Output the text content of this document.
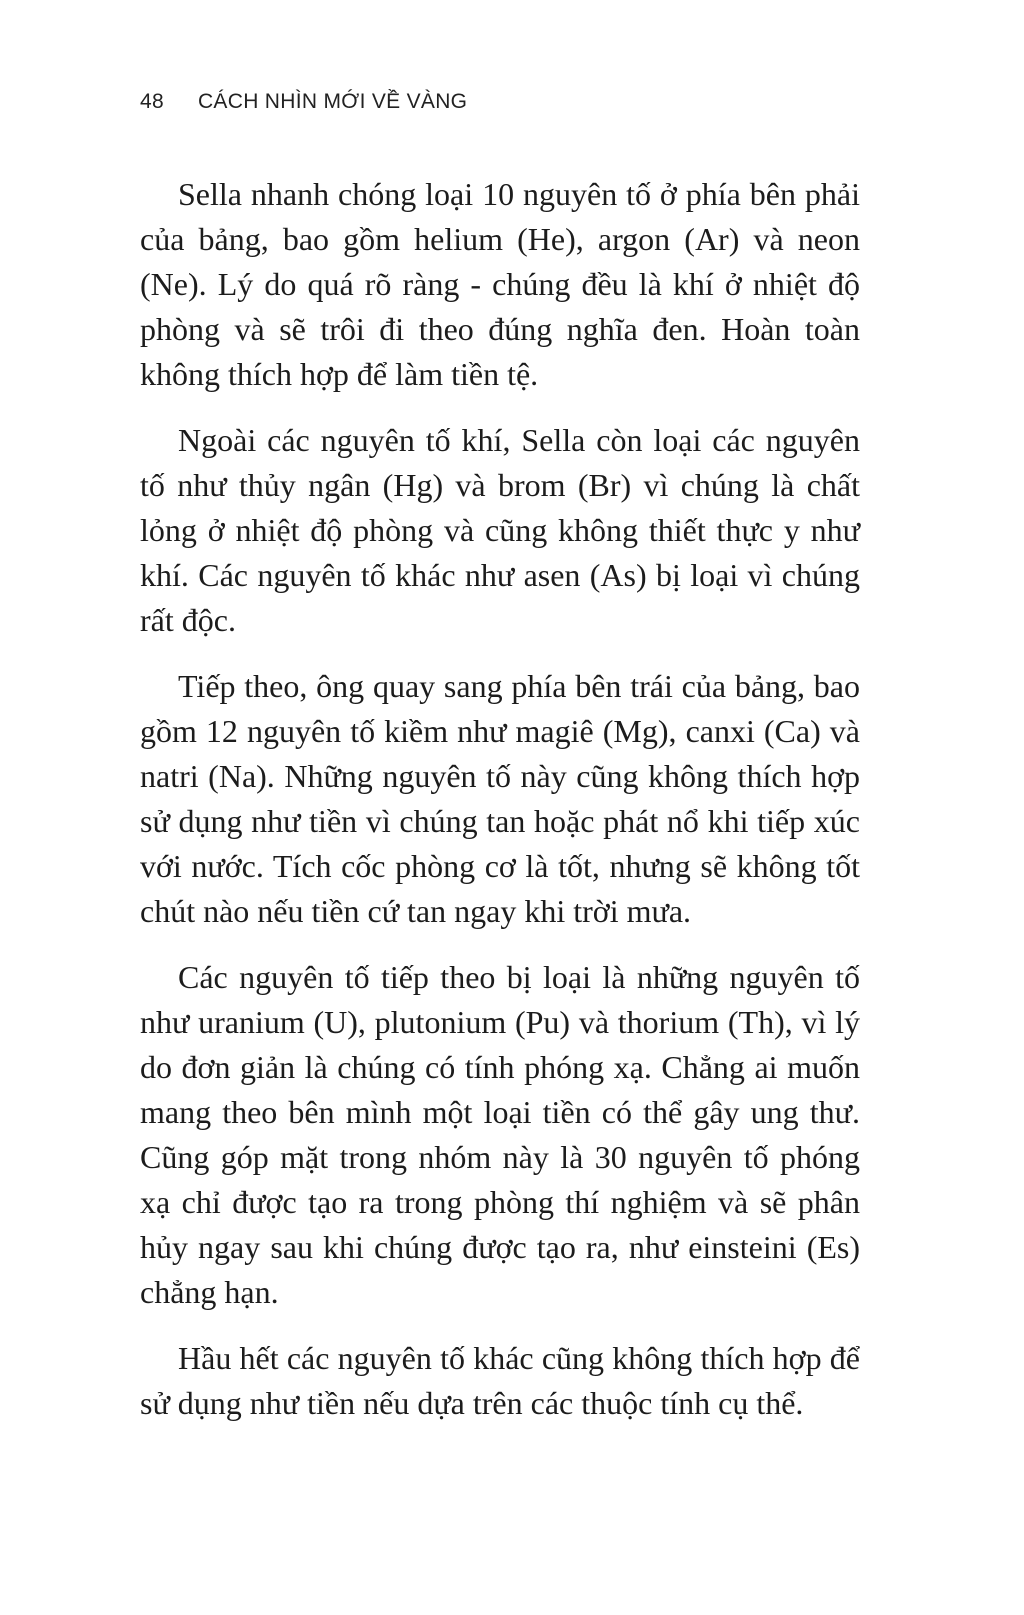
48 CÁCH NHÌN MỚI VỀ VÀNG

Sella nhanh chóng loại 10 nguyên tố ở phía bên phải của bảng, bao gồm helium (He), argon (Ar) và neon (Ne). Lý do quá rõ ràng - chúng đều là khí ở nhiệt độ phòng và sẽ trôi đi theo đúng nghĩa đen. Hoàn toàn không thích hợp để làm tiền tệ.

Ngoài các nguyên tố khí, Sella còn loại các nguyên tố như thủy ngân (Hg) và brom (Br) vì chúng là chất lỏng ở nhiệt độ phòng và cũng không thiết thực y như khí. Các nguyên tố khác như asen (As) bị loại vì chúng rất độc.

Tiếp theo, ông quay sang phía bên trái của bảng, bao gồm 12 nguyên tố kiềm như magiê (Mg), canxi (Ca) và natri (Na). Những nguyên tố này cũng không thích hợp sử dụng như tiền vì chúng tan hoặc phát nổ khi tiếp xúc với nước. Tích cốc phòng cơ là tốt, nhưng sẽ không tốt chút nào nếu tiền cứ tan ngay khi trời mưa.

Các nguyên tố tiếp theo bị loại là những nguyên tố như uranium (U), plutonium (Pu) và thorium (Th), vì lý do đơn giản là chúng có tính phóng xạ. Chẳng ai muốn mang theo bên mình một loại tiền có thể gây ung thư. Cũng góp mặt trong nhóm này là 30 nguyên tố phóng xạ chỉ được tạo ra trong phòng thí nghiệm và sẽ phân hủy ngay sau khi chúng được tạo ra, như einsteini (Es) chẳng hạn.

Hầu hết các nguyên tố khác cũng không thích hợp để sử dụng như tiền nếu dựa trên các thuộc tính cụ thể.
